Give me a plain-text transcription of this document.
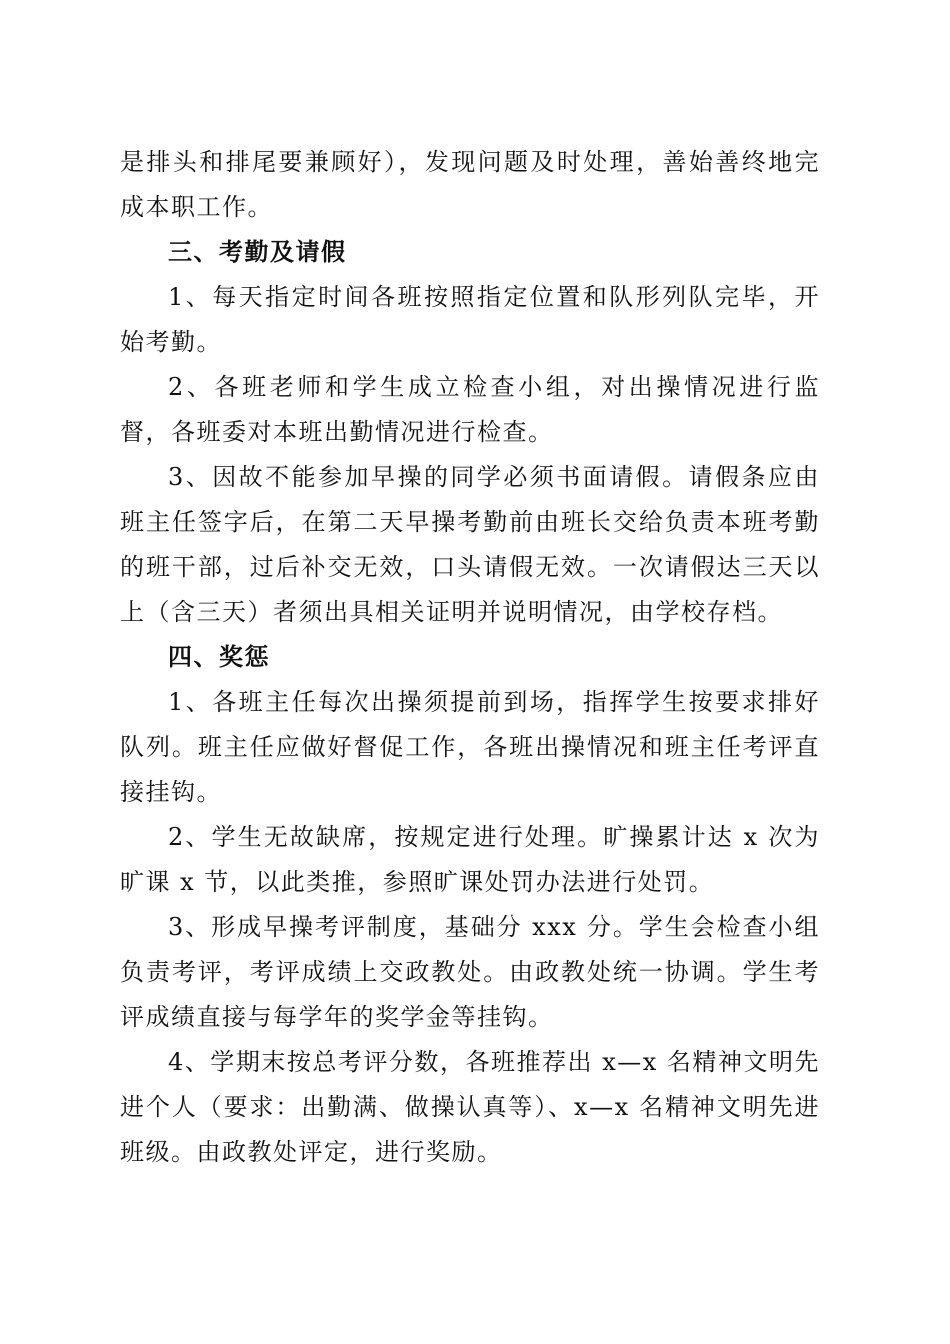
是排头和排尾要兼顾好），发现问题及时处理，善始善终地完成本职工作。

三、考勤及请假

1、每天指定时间各班按照指定位置和队形列队完毕，开始考勤。

2、各班老师和学生成立检查小组，对出操情况进行监督，各班委对本班出勤情况进行检查。

3、因故不能参加早操的同学必须书面请假。请假条应由班主任签字后，在第二天早操考勤前由班长交给负责本班考勤的班干部，过后补交无效，口头请假无效。一次请假达三天以上（含三天）者须出具相关证明并说明情况，由学校存档。

四、奖惩

1、各班主任每次出操须提前到场，指挥学生按要求排好队列。班主任应做好督促工作，各班出操情况和班主任考评直接挂钩。

2、学生无故缺席，按规定进行处理。旷操累计达 x 次为旷课 x 节，以此类推，参照旷课处罚办法进行处罚。

3、形成早操考评制度，基础分 xxx 分。学生会检查小组负责考评，考评成绩上交政教处。由政教处统一协调。学生考评成绩直接与每学年的奖学金等挂钩。

4、学期末按总考评分数，各班推荐出 x—x 名精神文明先进个人（要求：出勤满、做操认真等）、x—x 名精神文明先进班级。由政教处评定，进行奖励。
